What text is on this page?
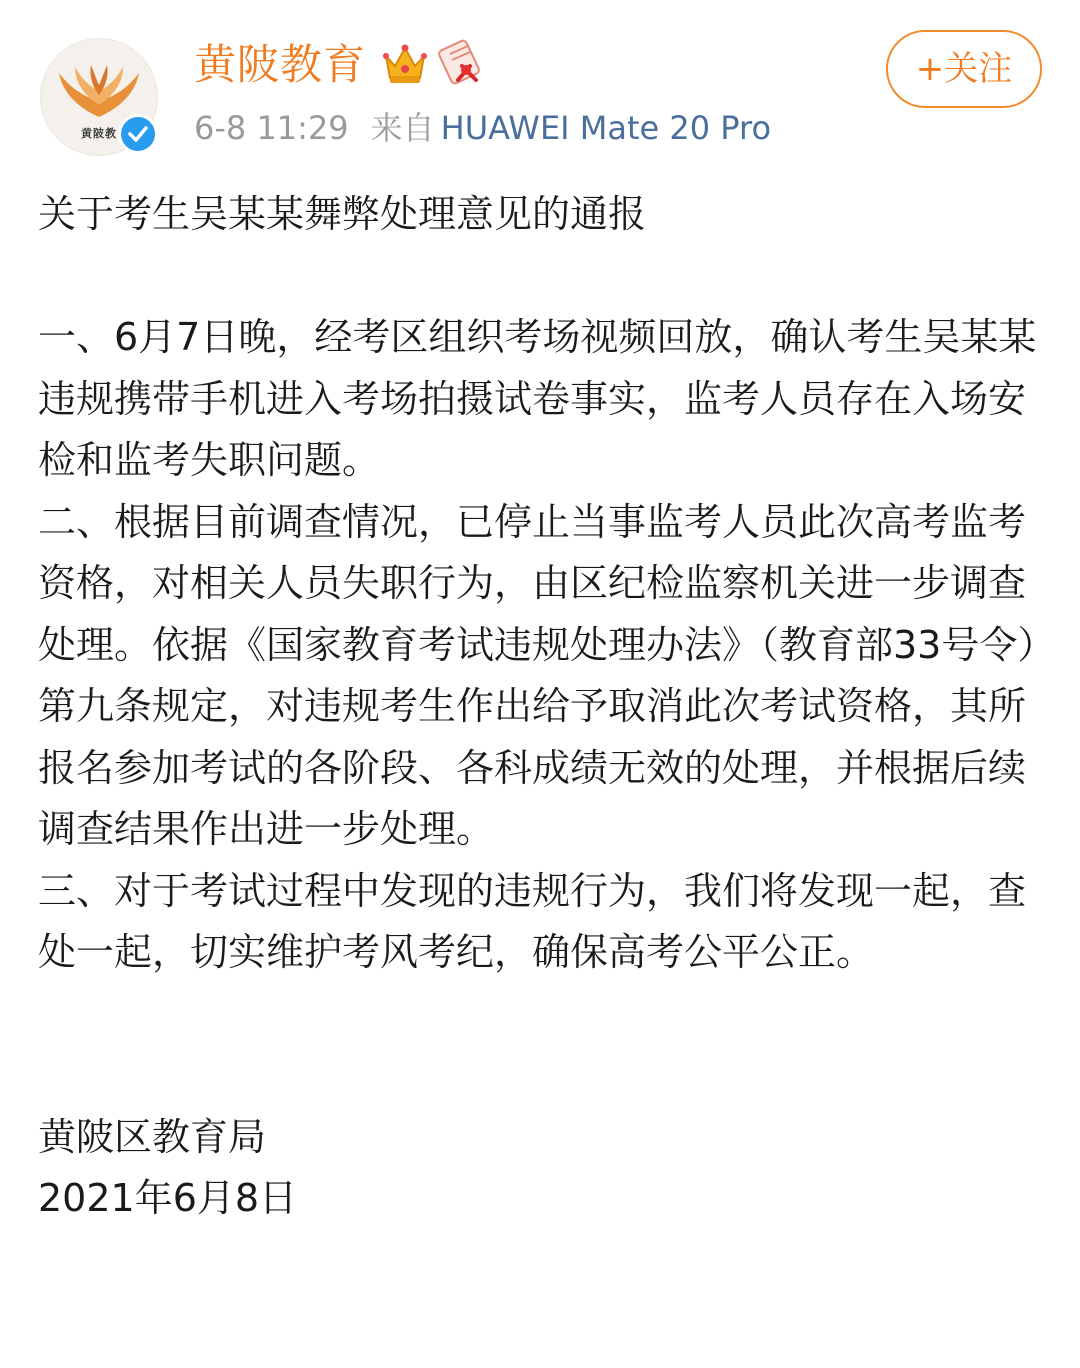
黄陂教
黄陂教育
6-8 11:29 来自 HUAWEI Mate 20 Pro
+关注

关于考生吴某某舞弊处理意见的通报

一、6月7日晚，经考区组织考场视频回放，确认考生吴某某违规携带手机进入考场拍摄试卷事实，监考人员存在入场安检和监考失职问题。

二、根据目前调查情况，已停止当事监考人员此次高考监考资格，对相关人员失职行为，由区纪检监察机关进一步调查处理。依据《国家教育考试违规处理办法》（教育部33号令）第九条规定，对违规考生作出给予取消此次考试资格，其所报名参加考试的各阶段、各科成绩无效的处理，并根据后续调查结果作出进一步处理。

三、对于考试过程中发现的违规行为，我们将发现一起，查处一起，切实维护考风考纪，确保高考公平公正。

黄陂区教育局

2021年6月8日
